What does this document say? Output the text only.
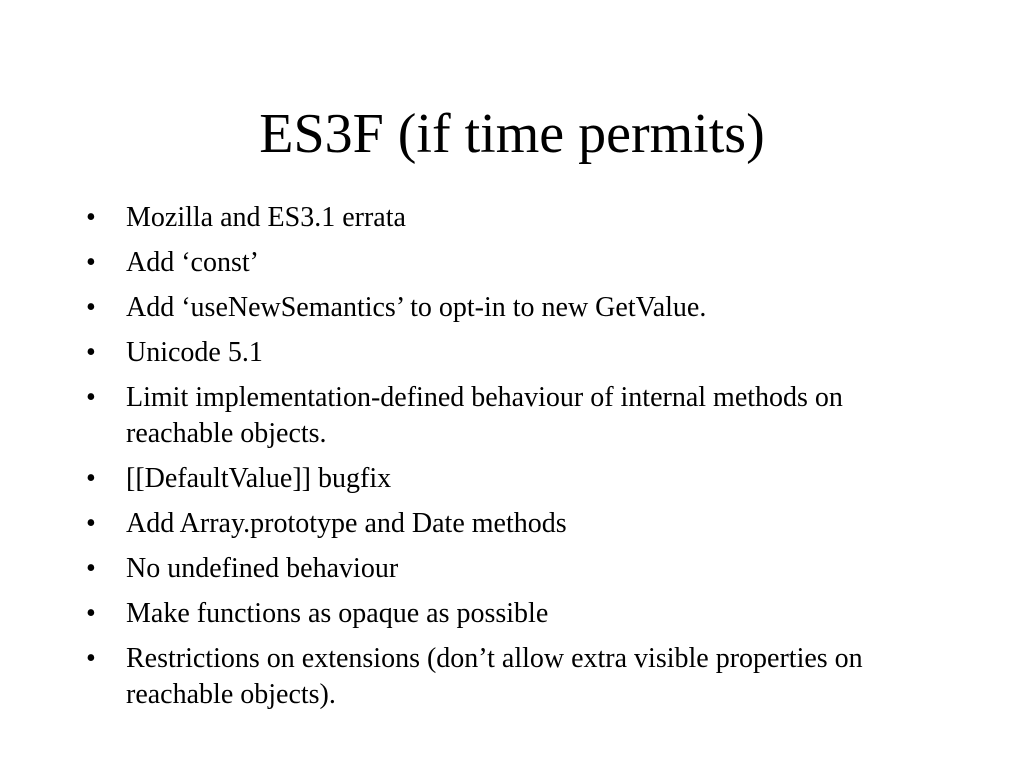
ES3F (if time permits)
•	Mozilla and ES3.1 errata
•	Add ‘const’
•	Add ‘useNewSemantics’ to opt-in to new GetValue.
•	Unicode 5.1
•	Limit implementation-defined behaviour of internal methods on reachable objects.
•	[[DefaultValue]] bugfix
•	Add Array.prototype and Date methods
•	No undefined behaviour
•	Make functions as opaque as possible
•	Restrictions on extensions (don’t allow extra visible properties on reachable objects).
